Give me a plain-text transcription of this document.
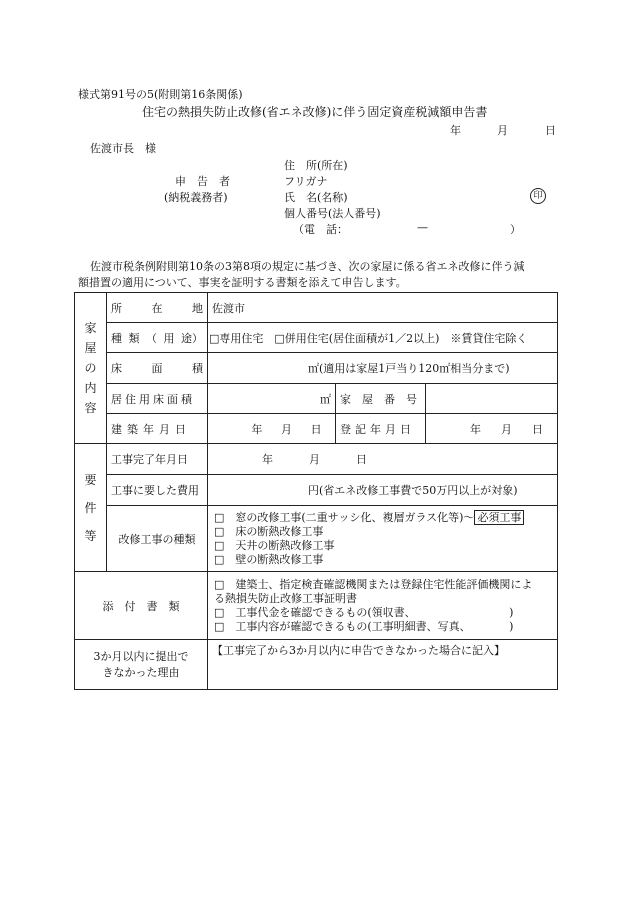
様式第91号の5(附則第16条関係)
住宅の熱損失防止改修(省エネ改修)に伴う固定資産税減額申告書
年	月	日
佐渡市長　様
住　所(所在)
申　告　者	フリガナ
(納税義務者)	氏　名(名称)	印
個人番号(法人番号)
（電　話：	—	）
佐渡市税条例附則第10条の3第8項の規定に基づき、次の家屋に係る省エネ改修に伴う減
額措置の適用について、事実を証明する書類を添えて申告します。
家屋の内容	所 在 地	佐渡市		

	種 類 （ 用 途）	□専用住宅　□併用住宅(居住面積が1／2以上)　※賃貸住宅除く		

	床 面 積	㎡(適用は家屋1戸当り120㎡相当分まで)		
	居住用床面積	㎡	家　屋　番　号	
	建築年月日	年 月 日	登記年月日	年 月 日

要件等	工事完了年月日	年 月 日		

	工事に要した費用	円(省エネ改修工事費で50万円以上が対象)		
	改修工事の種類	□　窓の改修工事(二重サッシ化、複層ガラス化等)～ 必須工事
□　床の断熱改修工事
□　天井の断熱改修工事
□　壁の断熱改修工事		

添　付　書　類		□　建築士、指定検査確認機関または登録住宅性能評価機関によ
る熱損失防止改修工事証明書
□　工事代金を確認できるもの(領収書、　　　　　　　　　)
□　工事内容が確認できるもの(工事明細書、写真、　　　　)		

3か月以内に提出できなかった理由		【工事完了から3か月以内に申告できなかった場合に記入】		
